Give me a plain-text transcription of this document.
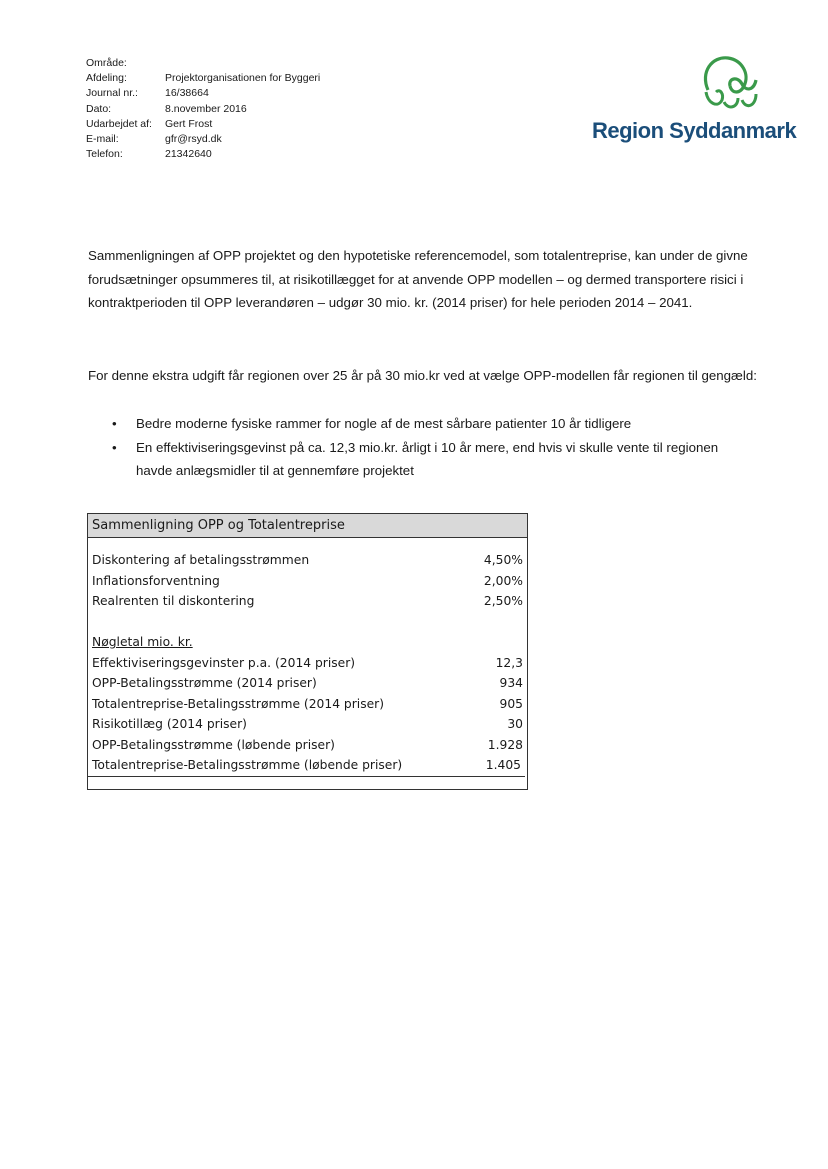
Område:
Afdeling:	Projektorganisationen for Byggeri
Journal nr.:	16/38664
Dato:	8.november 2016
Udarbejdet af:	Gert Frost
E-mail:	gfr@rsyd.dk
Telefon:	21342640
Region Syddanmark
Sammenligningen af OPP projektet og den hypotetiske referencemodel, som totalentreprise, kan under de givne forudsætninger opsummeres til, at risikotillægget for at anvende OPP modellen – og dermed transportere risici i kontraktperioden til OPP leverandøren – udgør 30 mio. kr. (2014 priser) for hele perioden 2014 – 2041.
For denne ekstra udgift får regionen over 25 år på 30 mio.kr ved at vælge OPP-modellen får regionen til gengæld:
• Bedre moderne fysiske rammer for nogle af de mest sårbare patienter 10 år tidligere
• En effektiviseringsgevinst på ca. 12,3 mio.kr. årligt i 10 år mere, end hvis vi skulle vente til regionen havde anlægsmidler til at gennemføre projektet
Sammenligning OPP og Totalentreprise
Diskontering af betalingsstrømmen	4,50%
Inflationsforventning	2,00%
Realrenten til diskontering	2,50%
Nøgletal mio. kr.
Effektiviseringsgevinster p.a. (2014 priser)	12,3
OPP-Betalingsstrømme (2014 priser)	934
Totalentreprise-Betalingsstrømme (2014 priser)	905
Risikotillæg (2014 priser)	30
OPP-Betalingsstrømme (løbende priser)	1.928
Totalentreprise-Betalingsstrømme (løbende priser)	1.405
